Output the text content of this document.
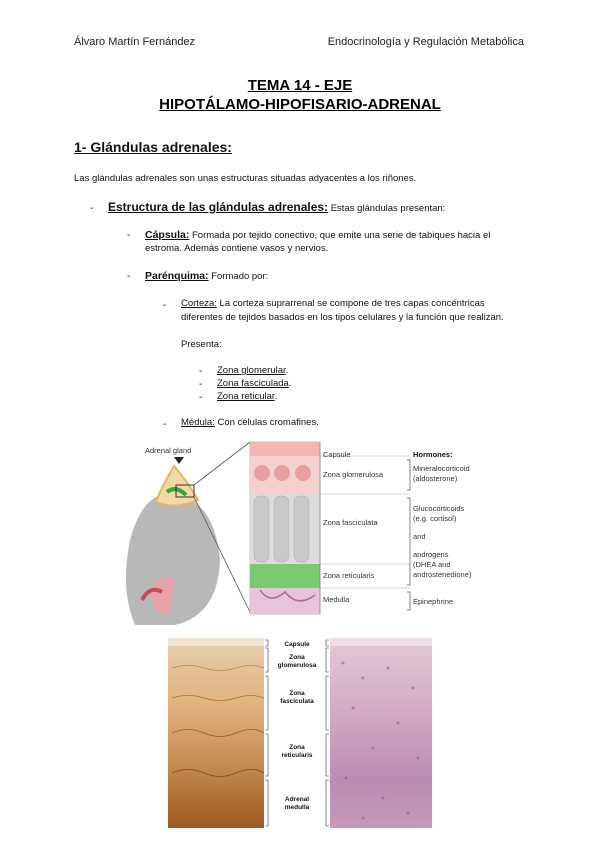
Álvaro Martín Fernández	Endocrinología y Regulación Metabólica
TEMA 14 - EJE
HIPOTÁLAMO-HIPOFISARIO-ADRENAL
1- Glándulas adrenales:
Las glándulas adrenales son unas estructuras situadas adyacentes a los riñones.
- Estructura de las glándulas adrenales: Estas glándulas presentan:
- Cápsula: Formada por tejido conectivo, que emite una serie de tabiques hacia el
estroma. Además contiene vasos y nervios.
- Parénquima: Formado por:
- Corteza: La corteza suprarrenal se compone de tres capas concéntricas
diferentes de tejidos basados en los tipos celulares y la función que realizan.
Presenta:
- Zona glomerular.
- Zona fasciculada.
- Zona reticular.
- Médula: Con células cromafines.
Adrenal gland	Capsule
Zona glomerulosa
Zona fasciculata
Zona reticularis
Medulla
Hormones:
Mineralocorticoid
(aldosterone)
Glucocorticoids
(e.g. cortisol)
and
androgens
(DHEA and
androstenedione)
Epinephrine
Capsule
Zona
glomerulosa
Zona
fasciculata
Zona
reticularis
Adrenal
medulla
